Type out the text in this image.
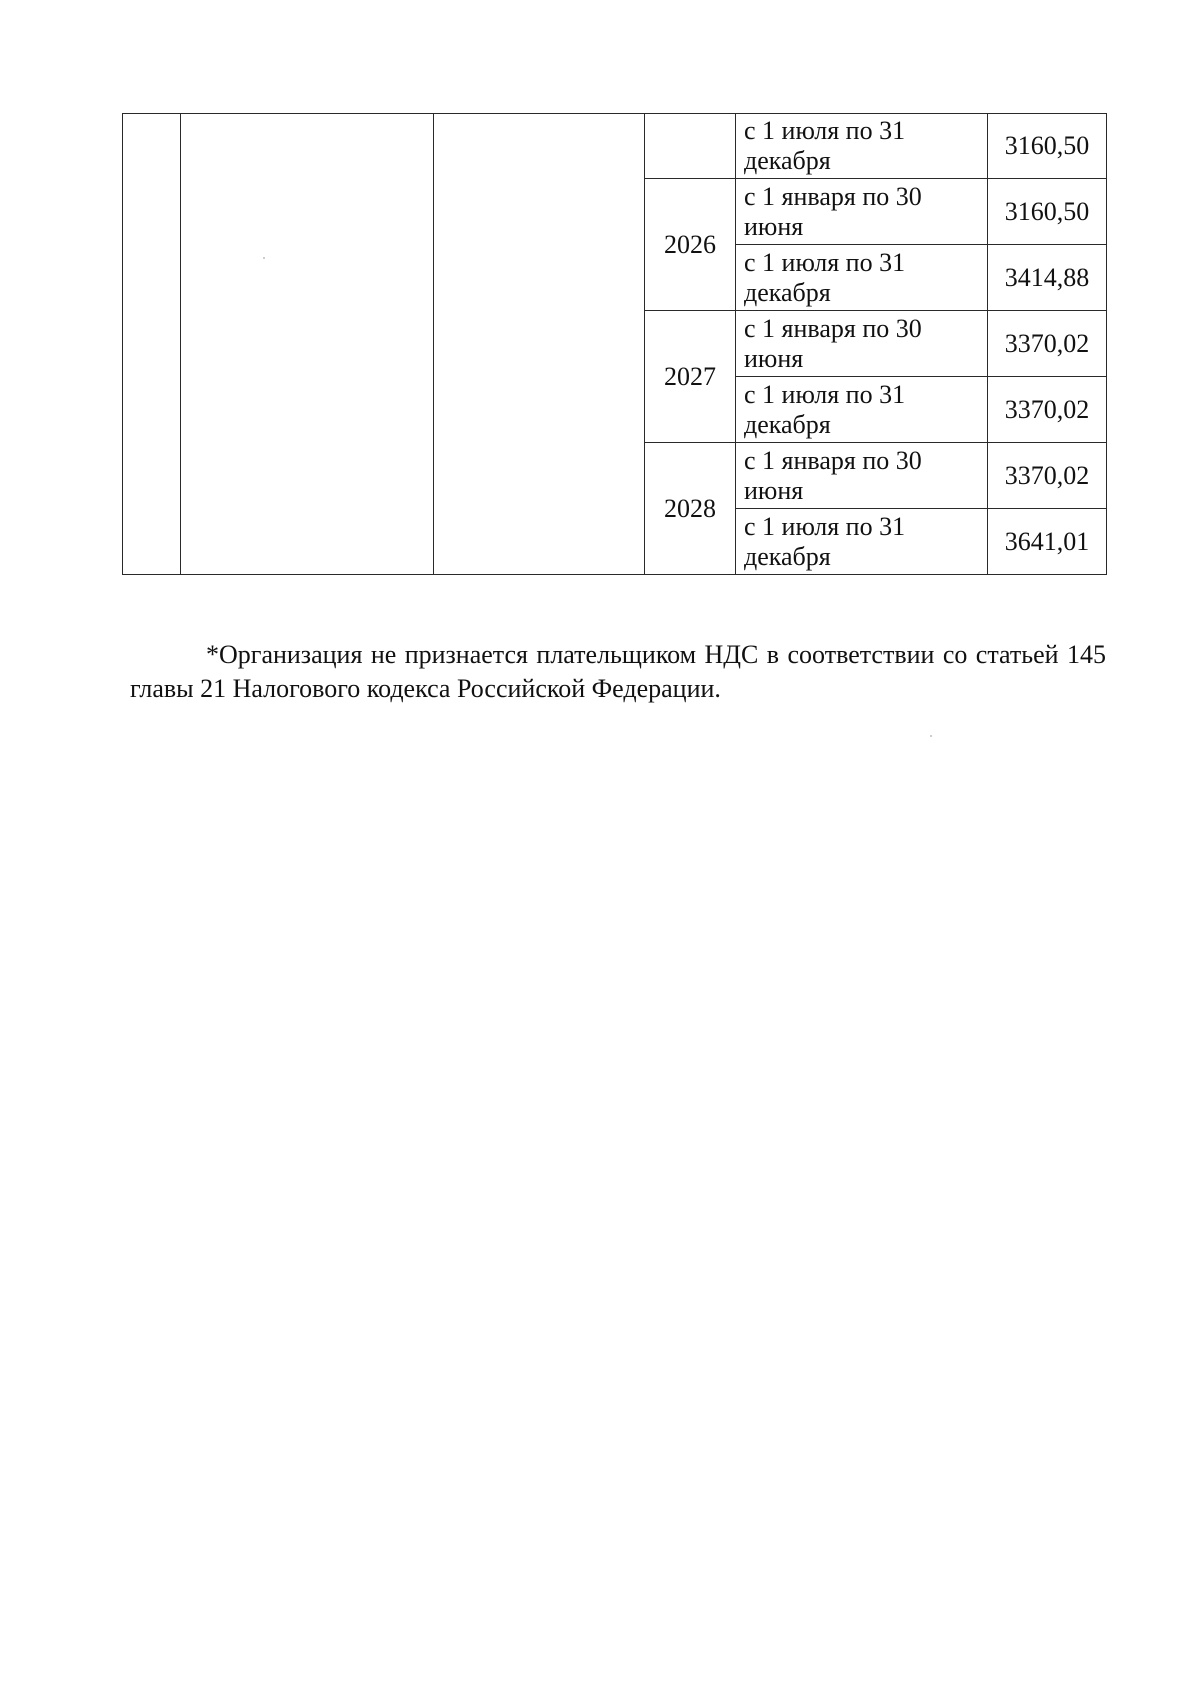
				с 1 июля по 31 декабря	3160,50
			2026	с 1 января по 30 июня	3160,50
				с 1 июля по 31 декабря	3414,88
			2027	с 1 января по 30 июня	3370,02
				с 1 июля по 31 декабря	3370,02
			2028	с 1 января по 30 июня	3370,02
				с 1 июля по 31 декабря	3641,01

*Организация не признается плательщиком НДС в соответствии со статьей 145 главы 21 Налогового кодекса Российской Федерации.
